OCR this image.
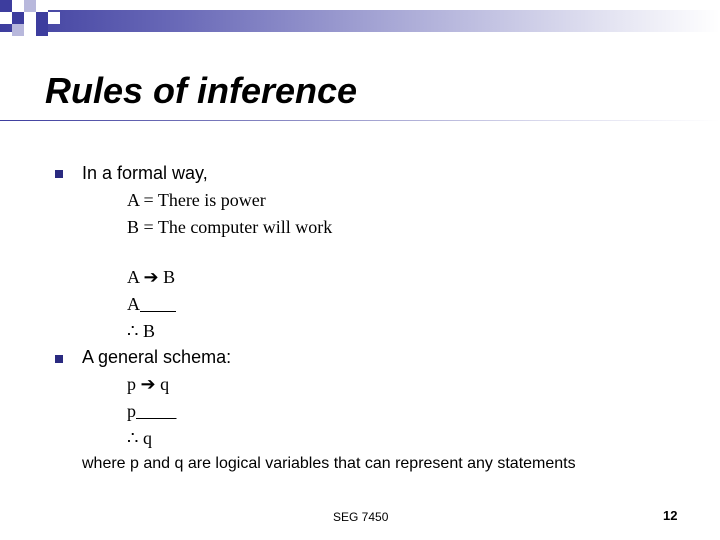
Rules of inference
In a formal way,
A = There is power
B = The computer will work
A ➔ B
A
∴ B
A general schema:
p ➔ q
p
∴ q
where p and q are logical variables that can represent any statements
SEG 7450	12
